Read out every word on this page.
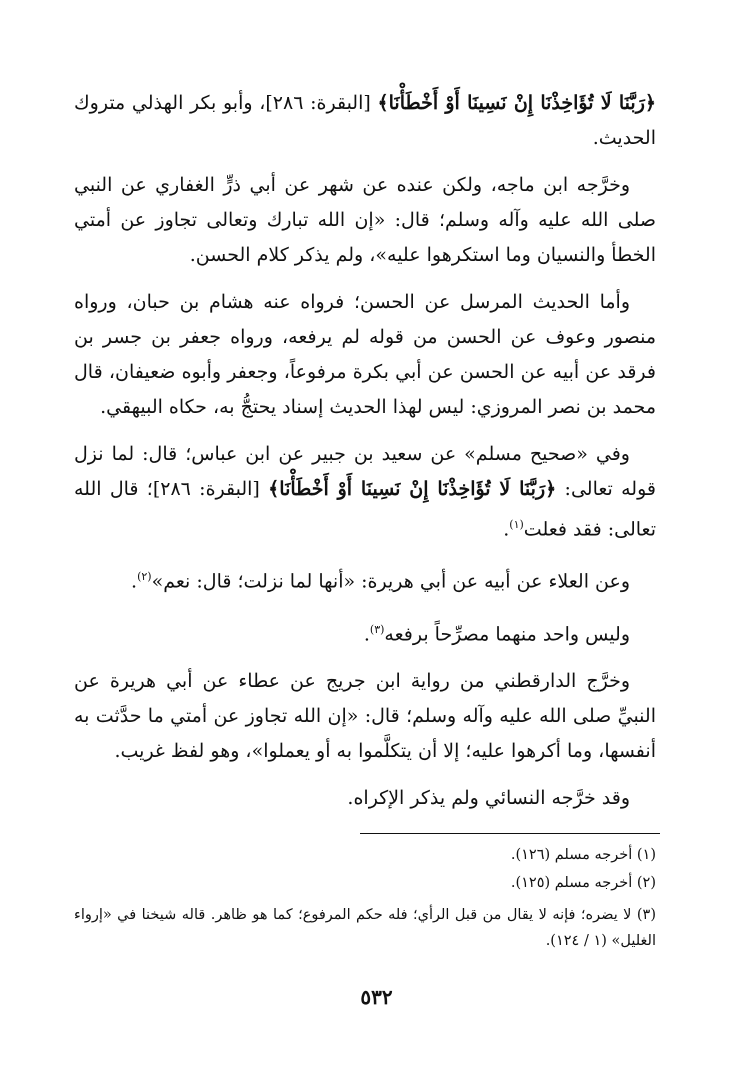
﴿رَبَّنَا لَا تُؤَاخِذْنَا إِنْ نَسِينَا أَوْ أَخْطَأْنَا﴾ [البقرة: ٢٨٦]، وأبو بكر الهذلي متروك الحديث.

وخرَّجه ابن ماجه، ولكن عنده عن شهر عن أبي ذرٍّ الغفاري عن النبي صلى الله عليه وآله وسلم؛ قال: «إن الله تبارك وتعالى تجاوز عن أمتي الخطأ والنسيان وما استكرهوا عليه»، ولم يذكر كلام الحسن.

وأما الحديث المرسل عن الحسن؛ فرواه عنه هشام بن حبان، ورواه منصور وعوف عن الحسن من قوله لم يرفعه، ورواه جعفر بن جسر بن فرقد عن أبيه عن الحسن عن أبي بكرة مرفوعاً، وجعفر وأبوه ضعيفان، قال محمد بن نصر المروزي: ليس لهذا الحديث إسناد يحتجُّ به، حكاه البيهقي.

وفي «صحيح مسلم» عن سعيد بن جبير عن ابن عباس؛ قال: لما نزل قوله تعالى: ﴿رَبَّنَا لَا تُؤَاخِذْنَا إِنْ نَسِينَا أَوْ أَخْطَأْنَا﴾ [البقرة: ٢٨٦]؛ قال الله تعالى: فقد فعلت$^{(١)}$.

وعن العلاء عن أبيه عن أبي هريرة: «أنها لما نزلت؛ قال: نعم»$^{(٢)}$.

وليس واحد منهما مصرِّحاً برفعه$^{(٣)}$.

وخرَّج الدارقطني من رواية ابن جريج عن عطاء عن أبي هريرة عن النبيِّ صلى الله عليه وآله وسلم؛ قال: «إن الله تجاوز عن أمتي ما حدَّثت به أنفسها، وما أكرهوا عليه؛ إلا أن يتكلَّموا به أو يعملوا»، وهو لفظ غريب.

وقد خرَّجه النسائي ولم يذكر الإكراه.

(١) أخرجه مسلم (١٢٦).
(٢) أخرجه مسلم (١٢٥).
(٣) لا يضره؛ فإنه لا يقال من قبل الرأي؛ فله حكم المرفوع؛ كما هو ظاهر. قاله شيخنا في «إرواء الغليل» (١ / ١٢٤).
٥٣٢
